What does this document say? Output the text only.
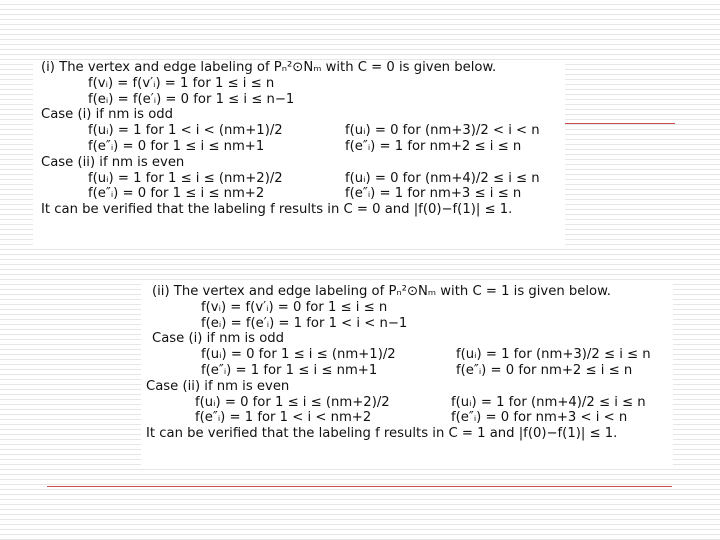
(i) The vertex and edge labeling of Pₙ²⊙Nₘ with C = 0 is given below.
f(vᵢ) = f(v′ᵢ) = 1 for 1 ≤ i ≤ n
f(eᵢ) = f(e′ᵢ) = 0 for 1 ≤ i ≤ n−1
Case (i) if nm is odd
f(uᵢ) = 1 for 1 < i < (nm+1)/2	f(uᵢ) = 0 for (nm+3)/2 < i < n
f(e″ᵢ) = 0 for 1 ≤ i ≤ nm+1	f(e″ᵢ) = 1 for nm+2 ≤ i ≤ n
Case (ii) if nm is even
f(uᵢ) = 1 for 1 ≤ i ≤ (nm+2)/2	f(uᵢ) = 0 for (nm+4)/2 ≤ i ≤ n
f(e″ᵢ) = 0 for 1 ≤ i ≤ nm+2	f(e″ᵢ) = 1 for nm+3 ≤ i ≤ n
It can be verified that the labeling f results in C = 0 and |f(0)−f(1)| ≤ 1.
(ii) The vertex and edge labeling of Pₙ²⊙Nₘ with C = 1 is given below.
f(vᵢ) = f(v′ᵢ) = 0 for 1 ≤ i ≤ n
f(eᵢ) = f(e′ᵢ) = 1 for 1 < i < n−1
Case (i) if nm is odd
f(uᵢ) = 0 for 1 ≤ i ≤ (nm+1)/2	f(uᵢ) = 1 for (nm+3)/2 ≤ i ≤ n
f(e″ᵢ) = 1 for 1 ≤ i ≤ nm+1	f(e″ᵢ) = 0 for nm+2 ≤ i ≤ n
Case (ii) if nm is even
f(uᵢ) = 0 for 1 ≤ i ≤ (nm+2)/2	f(uᵢ) = 1 for (nm+4)/2 ≤ i ≤ n
f(e″ᵢ) = 1 for 1 < i < nm+2	f(e″ᵢ) = 0 for nm+3 < i < n
It can be verified that the labeling f results in C = 1 and |f(0)−f(1)| ≤ 1.
